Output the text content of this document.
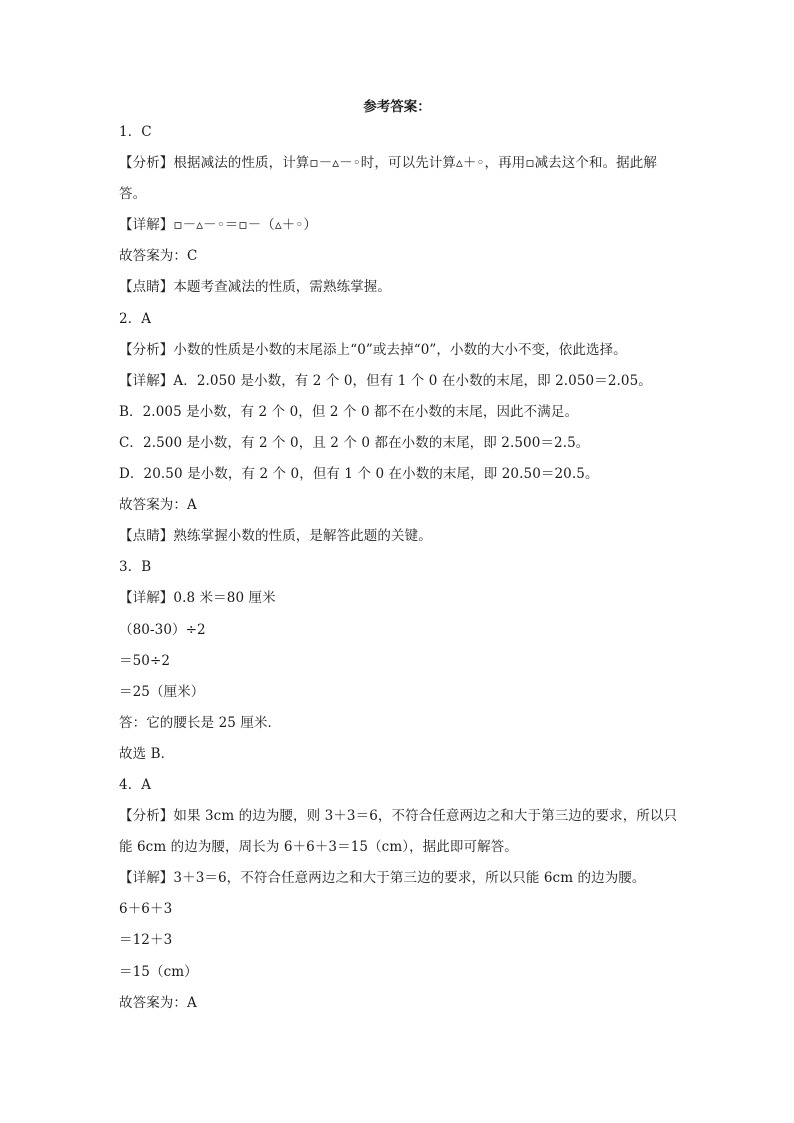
参考答案：
1．C
【分析】根据减法的性质，计算▫－▵－◦时，可以先计算▵＋◦，再用▫减去这个和。据此解
答。
【详解】▫－▵－◦＝▫－（▵＋◦）
故答案为：C
【点睛】本题考查减法的性质，需熟练掌握。
2．A
【分析】小数的性质是小数的末尾添上“0”或去掉“0”，小数的大小不变，依此选择。
【详解】A．2.050 是小数，有 2 个 0，但有 1 个 0 在小数的末尾，即 2.050＝2.05。
B．2.005 是小数，有 2 个 0，但 2 个 0 都不在小数的末尾，因此不满足。
C．2.500 是小数，有 2 个 0，且 2 个 0 都在小数的末尾，即 2.500＝2.5。
D．20.50 是小数，有 2 个 0，但有 1 个 0 在小数的末尾，即 20.50＝20.5。
故答案为：A
【点睛】熟练掌握小数的性质，是解答此题的关键。
3．B
【详解】0.8 米＝80 厘米
（80-30）÷2
＝50÷2
＝25（厘米）
答：它的腰长是 25 厘米．
故选 B．
4．A
【分析】如果 3cm 的边为腰，则 3＋3＝6，不符合任意两边之和大于第三边的要求，所以只
能 6cm 的边为腰，周长为 6＋6＋3＝15（cm），据此即可解答。
【详解】3＋3＝6，不符合任意两边之和大于第三边的要求，所以只能 6cm 的边为腰。
6＋6＋3
＝12＋3
＝15（cm）
故答案为：A
